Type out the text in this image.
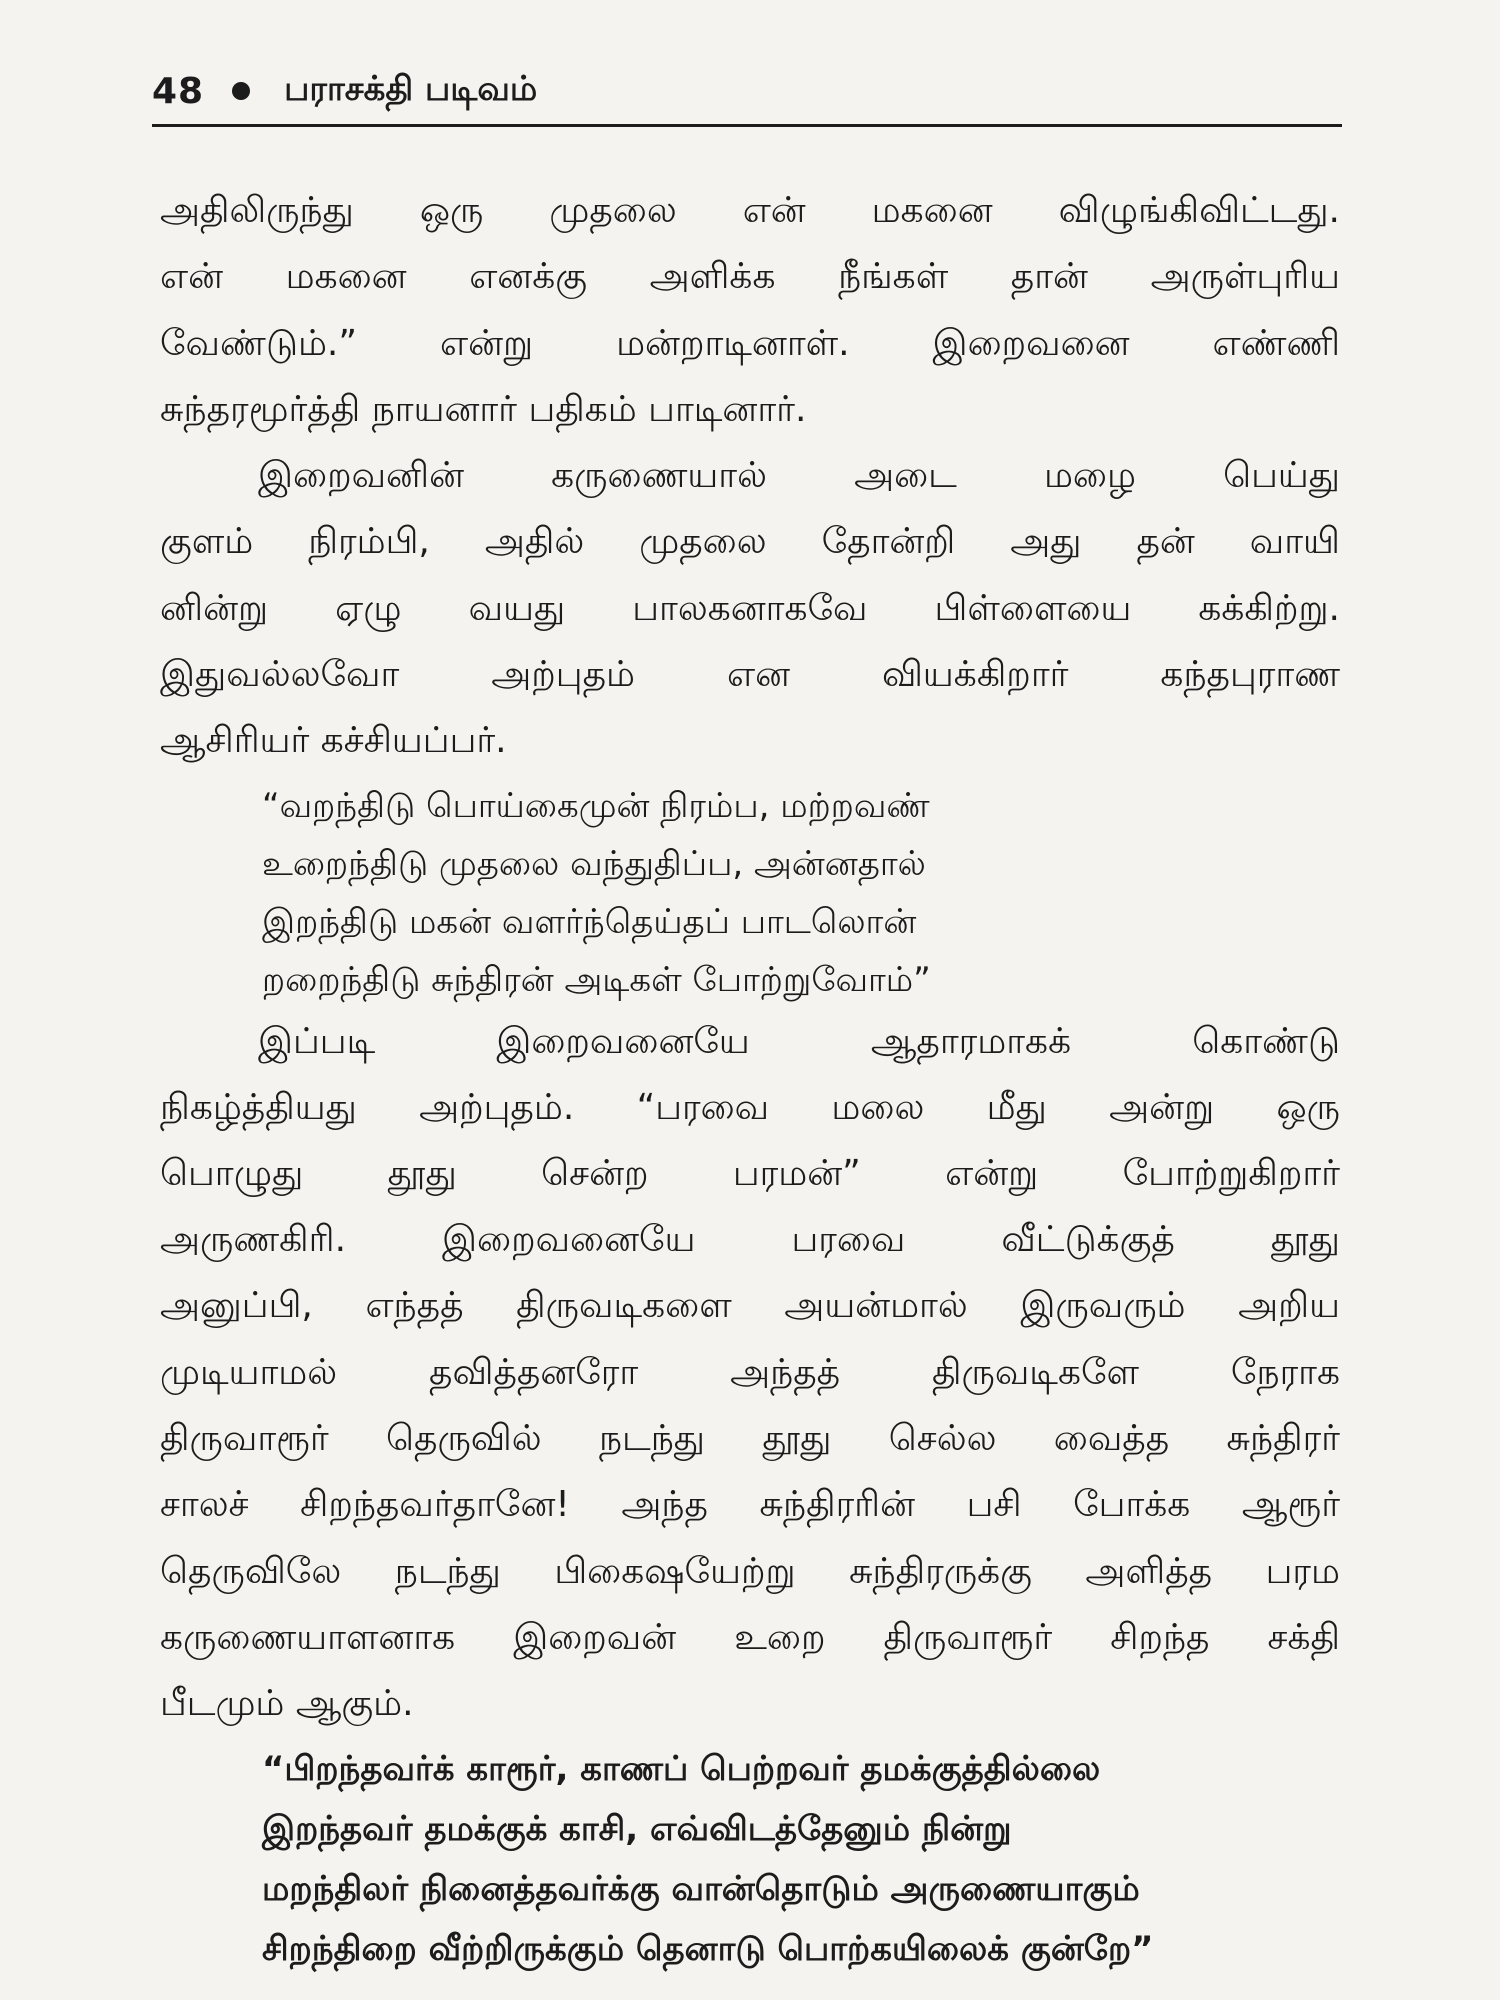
48 பராசக்தி படிவம்
அதிலிருந்து ஒரு முதலை என் மகனை விழுங்கிவிட்டது.
என் மகனை எனக்கு அளிக்க நீங்கள் தான் அருள்புரிய
வேண்டும்.” என்று மன்றாடினாள். இறைவனை எண்ணி
சுந்தரமூர்த்தி நாயனார் பதிகம் பாடினார்.
இறைவனின் கருணையால் அடை மழை பெய்து
குளம் நிரம்பி, அதில் முதலை தோன்றி அது தன் வாயி
னின்று ஏழு வயது பாலகனாகவே பிள்ளையை கக்கிற்று.
இதுவல்லவோ அற்புதம் என வியக்கிறார் கந்தபுராண
ஆசிரியர் கச்சியப்பர்.
“வறந்திடு பொய்கைமுன் நிரம்ப, மற்றவண்
உறைந்திடு முதலை வந்துதிப்ப, அன்னதால்
இறந்திடு மகன் வளர்ந்தெய்தப் பாடலொன்
றறைந்திடு சுந்திரன் அடிகள் போற்றுவோம்”
இப்படி இறைவனையே ஆதாரமாகக் கொண்டு
நிகழ்த்தியது அற்புதம். “பரவை மலை மீது அன்று ஒரு
பொழுது தூது சென்ற பரமன்” என்று போற்றுகிறார்
அருணகிரி. இறைவனையே பரவை வீட்டுக்குத் தூது
அனுப்பி, எந்தத் திருவடிகளை அயன்மால் இருவரும் அறிய
முடியாமல் தவித்தனரோ அந்தத் திருவடிகளே நேராக
திருவாரூர் தெருவில் நடந்து தூது செல்ல வைத்த சுந்திரர்
சாலச் சிறந்தவர்தானே! அந்த சுந்திரரின் பசி போக்க ஆரூர்
தெருவிலே நடந்து பிகைஷயேற்று சுந்திரருக்கு அளித்த பரம
கருணையாளனாக இறைவன் உறை திருவாரூர் சிறந்த சக்தி
பீடமும் ஆகும்.
“பிறந்தவர்க் காரூர், காணப் பெற்றவர் தமக்குத்தில்லை
இறந்தவர் தமக்குக் காசி, எவ்விடத்தேனும் நின்று
மறந்திலர் நினைத்தவர்க்கு வான்தொடும் அருணையாகும்
சிறந்திறை வீற்றிருக்கும் தெனாடு பொற்கயிலைக் குன்றே”
